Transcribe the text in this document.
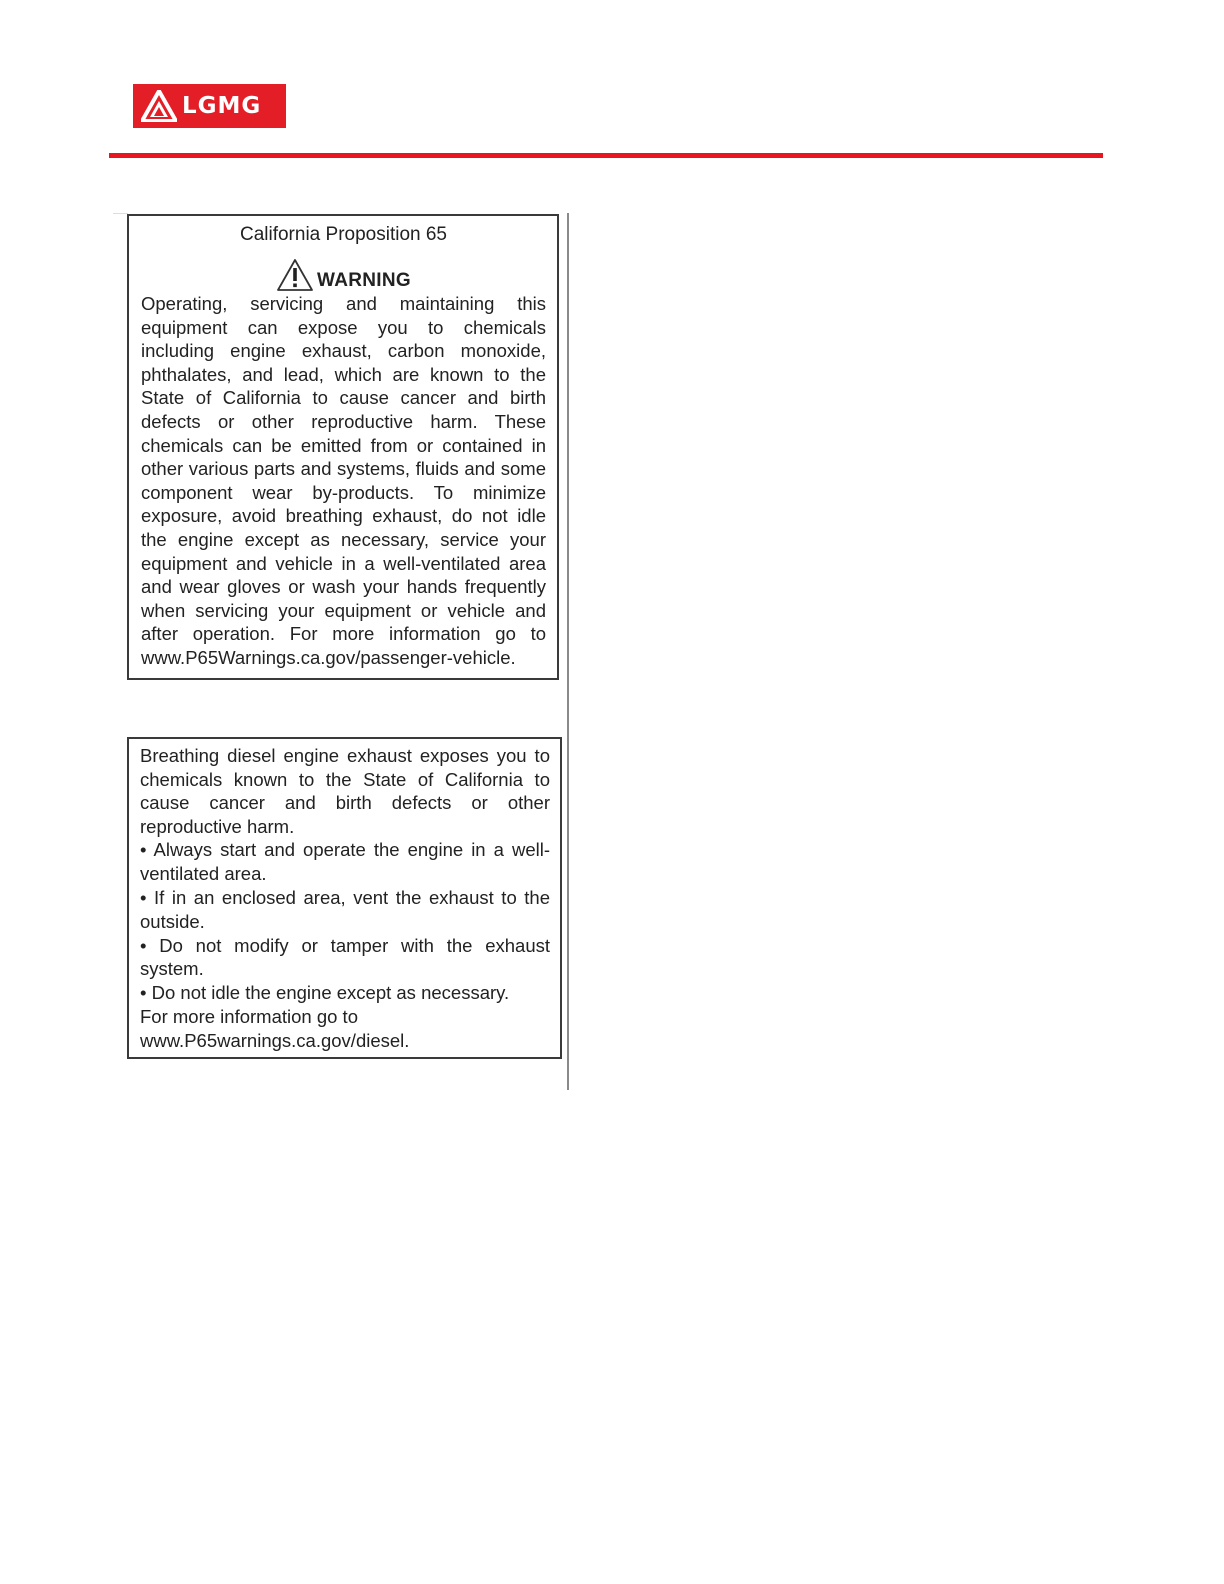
LGMG

California Proposition 65

WARNING

Operating, servicing and maintaining this equipment can expose you to chemicals including engine exhaust, carbon monoxide, phthalates, and lead, which are known to the State of California to cause cancer and birth defects or other reproductive harm. These chemicals can be emitted from or contained in other various parts and systems, fluids and some component wear by-products. To minimize exposure, avoid breathing exhaust, do not idle the engine except as necessary, service your equipment and vehicle in a well-ventilated area and wear gloves or wash your hands frequently when servicing your equipment or vehicle and after operation. For more information go to www.P65Warnings.ca.gov/passenger-vehicle.

Breathing diesel engine exhaust exposes you to chemicals known to the State of California to cause cancer and birth defects or other reproductive harm.

• Always start and operate the engine in a well-ventilated area.

• If in an enclosed area, vent the exhaust to the outside.

• Do not modify or tamper with the exhaust system.

• Do not idle the engine except as necessary.

For more information go to

www.P65warnings.ca.gov/diesel.
